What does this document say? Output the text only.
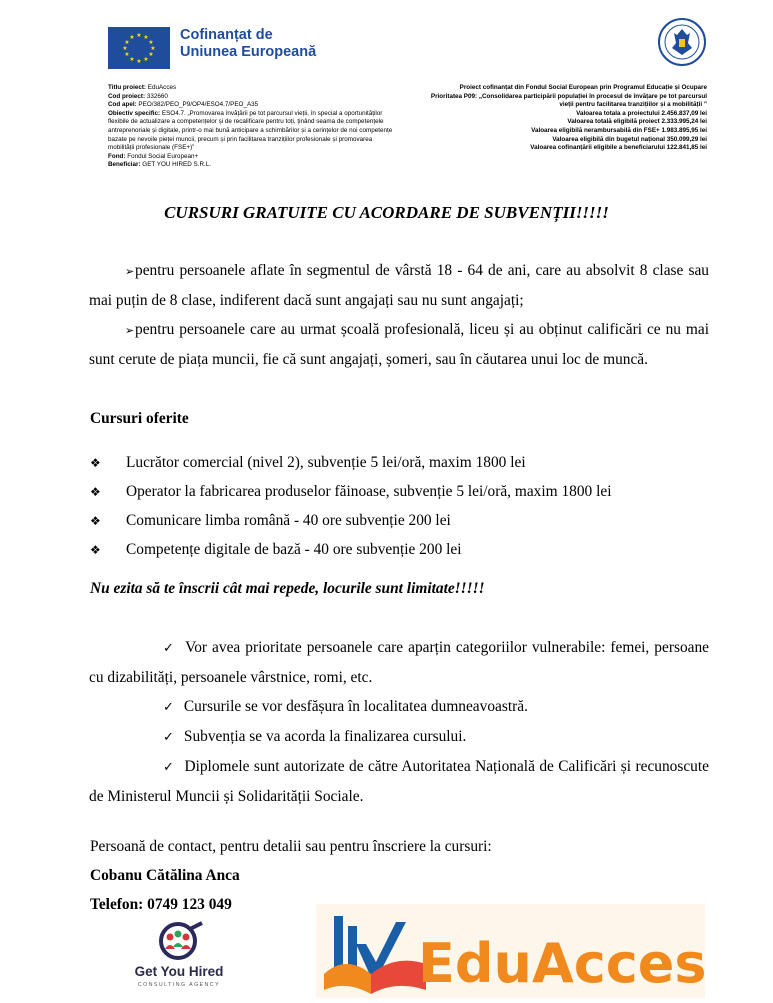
★ ★
★
★
★
★
★
★
★
★
★
★	Cofinanțat de
Uniunea Europeană
Titlu proiect: EduAcces
Cod proiect: 332660
Cod apel: PEO/382/PEO_P9/OP4/ESO4.7/PEO_A35
Obiectiv specific: ESO4.7. „Promovarea învățării pe tot parcursul vieții, în special a oportunităților flexibile de actualizare a competențelor și de recalificare pentru toți, ținând seama de competențele antreprenoriale și digitale, printr-o mai bună anticipare a schimbărilor și a cerințelor de noi competențe bazate pe nevoile pieței muncii, precum și prin facilitarea tranzițiilor profesionale și promovarea mobilității profesionale (FSE+)”
Fond: Fondul Social European+
Beneficiar: GET YOU HIRED S.R.L.
Proiect cofinanțat din Fondul Social European prin Programul Educație și Ocupare
Prioritatea P09: „Consolidarea participării populației în procesul de învățare pe tot parcursul
vieții pentru facilitarea tranzițiilor și a mobilității ”
Valoarea totala a proiectului 2.456.837,09 lei
Valoarea totală eligibilă proiect 2.333.995,24 lei
Valoarea eligibilă nerambursabilă din FSE+ 1.983.895,95 lei
Valoarea eligibilă din bugetul național 350.099,29 lei
Valoarea cofinanțării eligibile a beneficiarului 122.841,85 lei
CURSURI GRATUITE CU ACORDARE DE SUBVENȚII!!!!!
➢pentru persoanele aflate în segmentul de vârstă 18 - 64 de ani, care au absolvit 8 clase sau mai puțin de 8 clase, indiferent dacă sunt angajați sau nu sunt angajați;
➢pentru persoanele care au urmat școală profesională, liceu și au obținut calificări ce nu mai sunt cerute de piața muncii, fie că sunt angajați, șomeri, sau în căutarea unui loc de muncă.
Cursuri oferite
❖	Lucrător comercial (nivel 2), subvenție 5 lei/oră, maxim 1800 lei
❖	Operator la fabricarea produselor făinoase, subvenție 5 lei/oră, maxim 1800 lei
❖	Comunicare limba română - 40 ore subvenție 200 lei
❖	Competențe digitale de bază - 40 ore subvenție 200 lei
Nu ezita să te înscrii cât mai repede, locurile sunt limitate!!!!!
✓ Vor avea prioritate persoanele care aparțin categoriilor vulnerabile: femei, persoane cu dizabilități, persoanele vârstnice, romi, etc.
✓ Cursurile se vor desfășura în localitatea dumneavoastră.
✓ Subvenția se va acorda la finalizarea cursului.
✓ Diplomele sunt autorizate de către Autoritatea Națională de Calificări și recunoscute de Ministerul Muncii și Solidarității Sociale.
Persoană de contact, pentru detalii sau pentru înscriere la cursuri:
Cobanu Cătălina Anca
Telefon: 0749 123 049
Get You Hired
CONSULTING AGENCY	EduAcces
